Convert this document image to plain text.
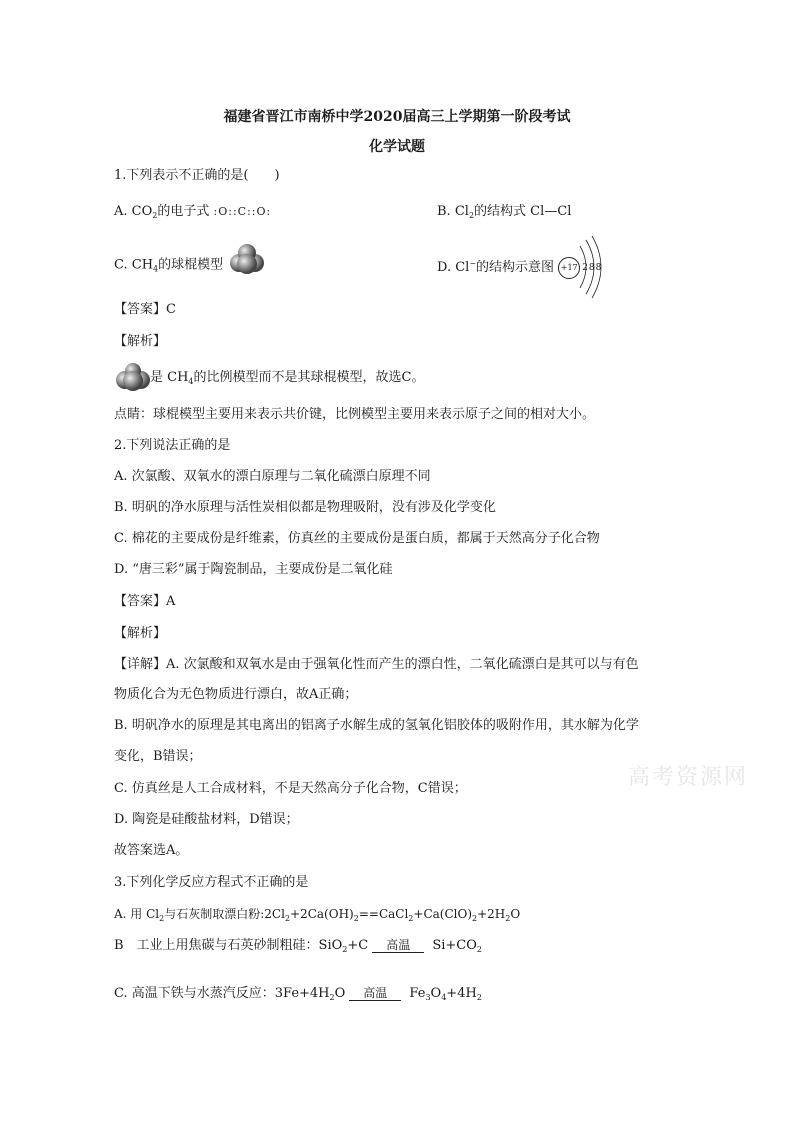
福建省晋江市南桥中学2020届高三上学期第一阶段考试
化学试题
1.下列表示不正确的是(　　)
A. $CO_2$的电子式 :O::C::O:	B. $Cl_2$的结构式 Cl—Cl
C. $CH_4$的球棍模型	D. Cl−的结构示意图 +17 288
【答案】C
【解析】
是 $CH_4$的比例模型而不是其球棍模型，故选C。
点睛：球棍模型主要用来表示共价键，比例模型主要用来表示原子之间的相对大小。
2.下列说法正确的是
A. 次氯酸、双氧水的漂白原理与二氧化硫漂白原理不同
B. 明矾的净水原理与活性炭相似都是物理吸附，没有涉及化学变化
C. 棉花的主要成份是纤维素，仿真丝的主要成份是蛋白质，都属于天然高分子化合物
D. “唐三彩”属于陶瓷制品，主要成份是二氧化硅
【答案】A
【解析】
【详解】A. 次氯酸和双氧水是由于强氧化性而产生的漂白性，二氧化硫漂白是其可以与有色
物质化合为无色物质进行漂白，故A正确；
B. 明矾净水的原理是其电离出的铝离子水解生成的氢氧化铝胶体的吸附作用，其水解为化学
变化，B错误；
C. 仿真丝是人工合成材料，不是天然高分子化合物，C错误；
D. 陶瓷是硅酸盐材料，D错误；
故答案选A。
3.下列化学反应方程式不正确的是
A. 用 $Cl_2$与石灰制取漂白粉$:2Cl_2+2Ca(OH)_2==CaCl_2+Ca(ClO)_2+2H_2O$
B　工业上用焦碳与石英砂制粗硅：SiO$_2$+C 高温 $Si+CO_2$
C. 高温下铁与水蒸汽反应：$3Fe+4H_2O$ 高温 $Fe_3O_4+4H_2$
高考资源网
